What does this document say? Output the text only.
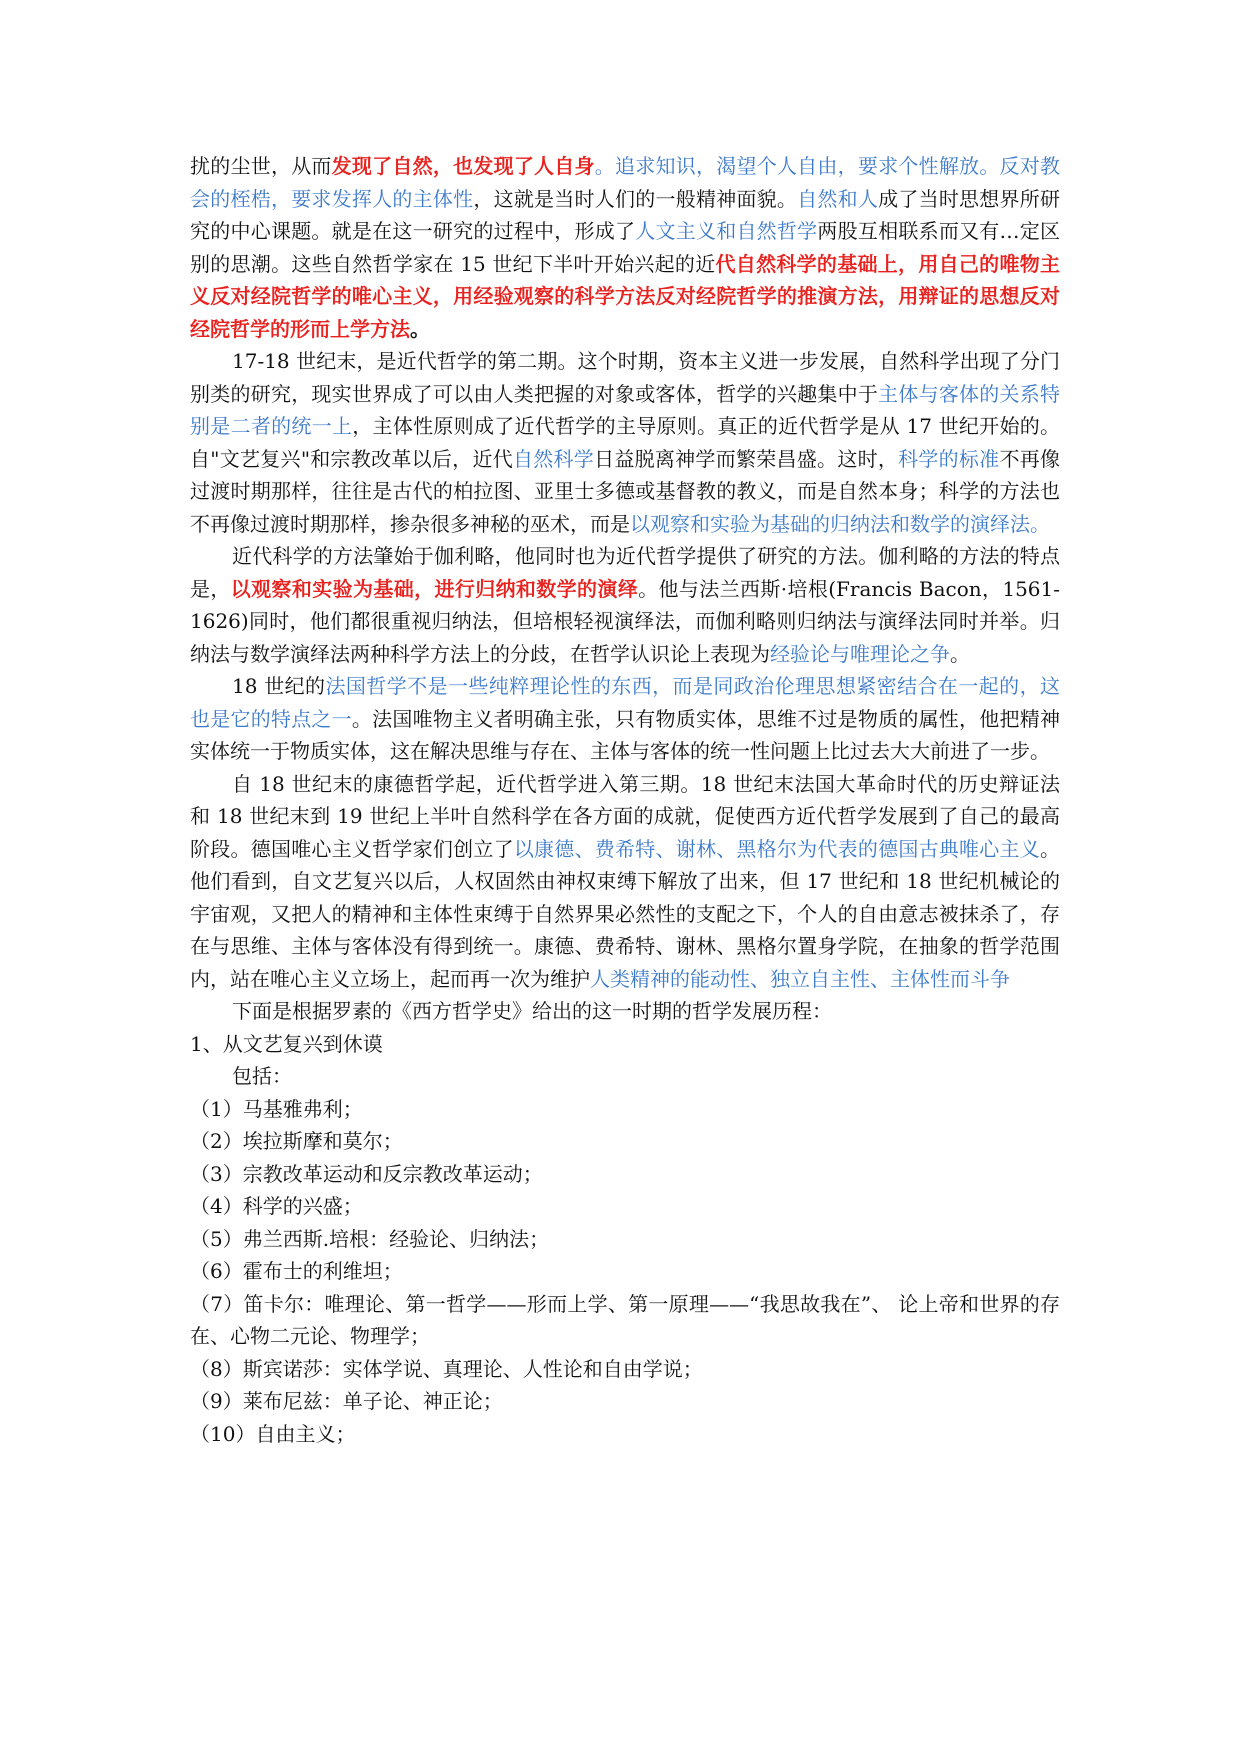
扰的尘世，从而发现了自然，也发现了人自身。追求知识，渴望个人自由，要求个性解放。反对教会的桎梏，要求发挥人的主体性，这就是当时人们的一般精神面貌。自然和人成了当时思想界所研究的中心课题。就是在这一研究的过程中，形成了人文主义和自然哲学两股互相联系而又有…定区别的思潮。这些自然哲学家在 15 世纪下半叶开始兴起的近代自然科学的基础上，用自己的唯物主义反对经院哲学的唯心主义，用经验观察的科学方法反对经院哲学的推演方法，用辩证的思想反对经院哲学的形而上学方法。

17-18 世纪末，是近代哲学的第二期。这个时期，资本主义进一步发展，自然科学出现了分门别类的研究，现实世界成了可以由人类把握的对象或客体，哲学的兴趣集中于主体与客体的关系特别是二者的统一上，主体性原则成了近代哲学的主导原则。真正的近代哲学是从 17 世纪开始的。自"文艺复兴"和宗教改革以后，近代自然科学日益脱离神学而繁荣昌盛。这时，科学的标准不再像过渡时期那样，往往是古代的柏拉图、亚里士多德或基督教的教义，而是自然本身；科学的方法也不再像过渡时期那样，掺杂很多神秘的巫术，而是以观察和实验为基础的归纳法和数学的演绎法。

近代科学的方法肇始于伽利略，他同时也为近代哲学提供了研究的方法。伽利略的方法的特点是，以观察和实验为基础，进行归纳和数学的演绎。他与法兰西斯·培根(Francis Bacon，1561-1626)同时，他们都很重视归纳法，但培根轻视演绎法，而伽利略则归纳法与演绎法同时并举。归纳法与数学演绎法两种科学方法上的分歧，在哲学认识论上表现为经验论与唯理论之争。

18 世纪的法国哲学不是一些纯粹理论性的东西，而是同政治伦理思想紧密结合在一起的，这也是它的特点之一。法国唯物主义者明确主张，只有物质实体，思维不过是物质的属性，他把精神实体统一于物质实体，这在解决思维与存在、主体与客体的统一性问题上比过去大大前进了一步。

自 18 世纪末的康德哲学起，近代哲学进入第三期。18 世纪末法国大革命时代的历史辩证法和 18 世纪末到 19 世纪上半叶自然科学在各方面的成就，促使西方近代哲学发展到了自己的最高阶段。德国唯心主义哲学家们创立了以康德、费希特、谢林、黑格尔为代表的德国古典唯心主义。他们看到，自文艺复兴以后，人权固然由神权束缚下解放了出来，但 17 世纪和 18 世纪机械论的宇宙观，又把人的精神和主体性束缚于自然界果必然性的支配之下，个人的自由意志被抹杀了，存在与思维、主体与客体没有得到统一。康德、费希特、谢林、黑格尔置身学院，在抽象的哲学范围内，站在唯心主义立场上，起而再一次为维护人类精神的能动性、独立自主性、主体性而斗争

下面是根据罗素的《西方哲学史》给出的这一时期的哲学发展历程：

1、从文艺复兴到休谟

包括：

（1）马基雅弗利；

（2）埃拉斯摩和莫尔；

（3）宗教改革运动和反宗教改革运动；

（4）科学的兴盛；

（5）弗兰西斯.培根：经验论、归纳法；

（6）霍布士的利维坦；

（7）笛卡尔：唯理论、第一哲学——形而上学、第一原理——“我思故我在”、 论上帝和世界的存在、心物二元论、物理学；

（8）斯宾诺莎：实体学说、真理论、人性论和自由学说；

（9）莱布尼兹：单子论、神正论；

（10）自由主义；
